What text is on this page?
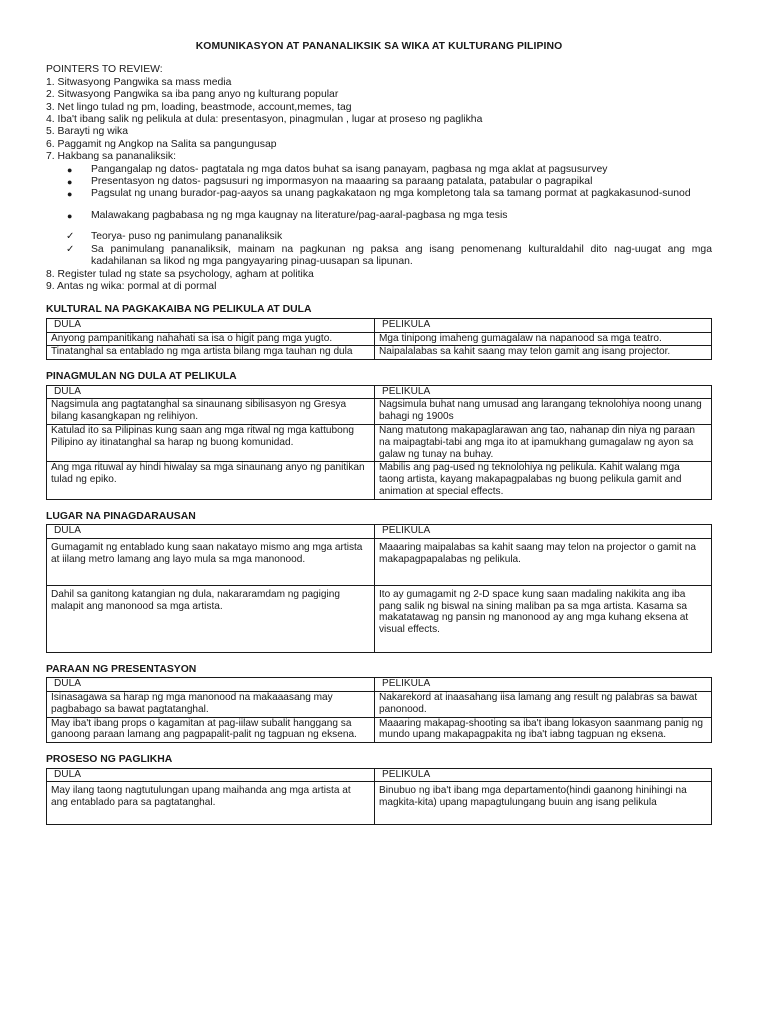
KOMUNIKASYON AT PANANALIKSIK SA WIKA AT KULTURANG PILIPINO
POINTERS TO REVIEW:
1. Sitwasyong Pangwika sa mass media
2. Sitwasyong Pangwika sa iba pang anyo ng kulturang popular
3. Net lingo tulad ng pm, loading, beastmode, account,memes, tag
4. Iba't ibang salik ng pelikula at dula: presentasyon, pinagmulan , lugar at proseso ng paglikha
5. Barayti ng wika
6. Paggamit ng Angkop na Salita sa pangungusap
7. Hakbang sa pananaliksik:
● Pangangalap ng datos- pagtatala ng mga datos buhat sa isang panayam, pagbasa ng mga aklat at pagsusurvey
● Presentasyon ng datos- pagsusuri ng impormasyon na maaaring sa paraang patalata, patabular o pagrapikal
● Pagsulat ng unang burador-pag-aayos sa unang pagkakataon ng mga kompletong tala sa tamang pormat at pagkakasunod-sunod
● Malawakang pagbabasa ng ng mga kaugnay na literature/pag-aaral-pagbasa ng mga tesis
✓ Teorya- puso ng panimulang pananaliksik
✓ Sa panimulang pananaliksik, mainam na pagkunan ng paksa ang isang penomenang kulturaldahil dito nag-uugat ang mga kadahilanan sa likod ng mga pangyayaring pinag-uusapan sa lipunan.
8. Register tulad ng state sa psychology, agham at politika
9. Antas ng wika: pormal at di pormal
KULTURAL NA PAGKAKAIBA NG PELIKULA AT DULA
DULA	PELIKULA
Anyong pampanitikang nahahati sa isa o higit pang mga yugto.	Mga tinipong imaheng gumagalaw na napanood sa mga teatro.
Tinatanghal sa entablado ng mga artista bilang mga tauhan ng dula	Naipalalabas sa kahit saang may telon gamit ang isang projector.
PINAGMULAN NG DULA AT PELIKULA
DULA	PELIKULA
Nagsimula ang pagtatanghal sa sinaunang sibilisasyon ng Gresya bilang kasangkapan ng relihiyon.	Nagsimula buhat nang umusad ang larangang teknolohiya noong unang bahagi ng 1900s
Katulad ito sa Pilipinas kung saan ang mga ritwal ng mga kattubong Pilipino ay itinatanghal sa harap ng buong komunidad.	Nang matutong makapaglarawan ang tao, nahanap din niya ng paraan na maipagtabi-tabi ang mga ito at ipamukhang gumagalaw ng ayon sa galaw ng tunay na buhay.
Ang mga rituwal ay hindi hiwalay sa mga sinaunang anyo ng panitikan tulad ng epiko.	Mabilis ang pag-used ng teknolohiya ng pelikula. Kahit walang mga taong artista, kayang makapagpalabas ng buong pelikula gamit and animation at special effects.
LUGAR NA PINAGDARAUSAN
DULA	PELIKULA
Gumagamit ng entablado kung saan nakatayo mismo ang mga artista at iilang metro lamang ang layo mula sa mga manonood.	Maaaring maipalabas sa kahit saang may telon na projector o gamit na makapagpapalabas ng pelikula.
Dahil sa ganitong katangian ng dula, nakararamdam ng pagiging malapit ang manonood sa mga artista.	Ito ay gumagamit ng 2-D space kung saan madaling nakikita ang iba pang salik ng biswal na sining maliban pa sa mga artista. Kasama sa makatatawag ng pansin ng manonood ay ang mga kuhang eksena at visual effects.
PARAAN NG PRESENTASYON
DULA	PELIKULA
Isinasagawa sa harap ng mga manonood na makaaasang may pagbabago sa bawat pagtatanghal.	Nakarekord at inaasahang iisa lamang ang result ng palabras sa bawat panonood.
May iba't ibang props o kagamitan at pag-iilaw subalit hanggang sa ganoong paraan lamang ang pagpapalit-palit ng tagpuan ng eksena.	Maaaring makapag-shooting sa iba't ibang lokasyon saanmang panig ng mundo upang makapagpakita ng iba't iabng tagpuan ng eksena.
PROSESO NG PAGLIKHA
DULA	PELIKULA
May ilang taong nagtutulungan upang maihanda ang mga artista at ang entablado para sa pagtatanghal.	Binubuo ng iba't ibang mga departamento(hindi gaanong hinihingi na magkita-kita) upang mapagtulungang buuin ang isang pelikula
